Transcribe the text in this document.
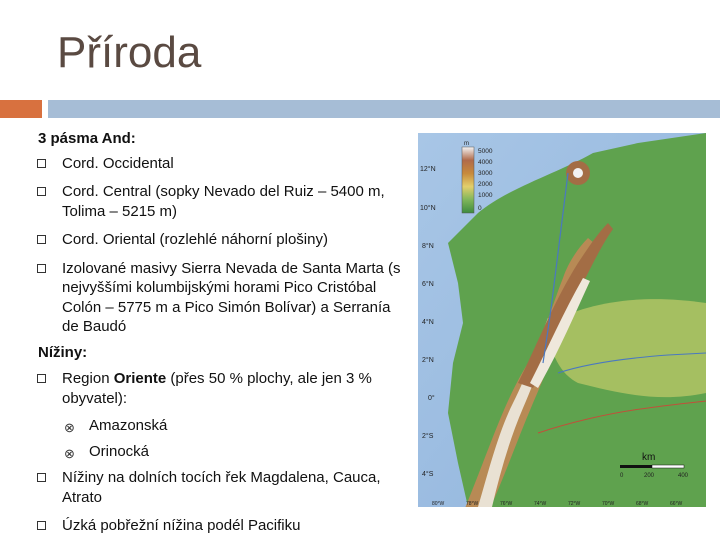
Příroda
3 pásma And:
Cord. Occidental
Cord. Central (sopky Nevado del Ruiz – 5400 m, Tolima – 5215 m)
Cord. Oriental (rozlehlé náhorní plošiny)
Izolované masivy Sierra Nevada de Santa Marta (s nejvyššími kolumbijskými horami Pico Cristóbal Colón – 5775 m a Pico Simón Bolívar) a Serranía de Baudó
Nížiny:
Region Oriente (přes 50 % plochy, ale jen 3 % obyvatel):
⊗ Amazonská
⊗ Orinocká
Nížiny na dolních tocích řek Magdalena, Cauca, Atrato
Úzká pobřežní nížina podél Pacifiku
m
5000
4000
3000
2000
1000
0
12°N
10°N
8°N
6°N
4°N
2°N
0°
2°S
4°S
km
0	200	400
80°W	78°W	76°W	74°W	72°W	70°W	68°W	66°W
